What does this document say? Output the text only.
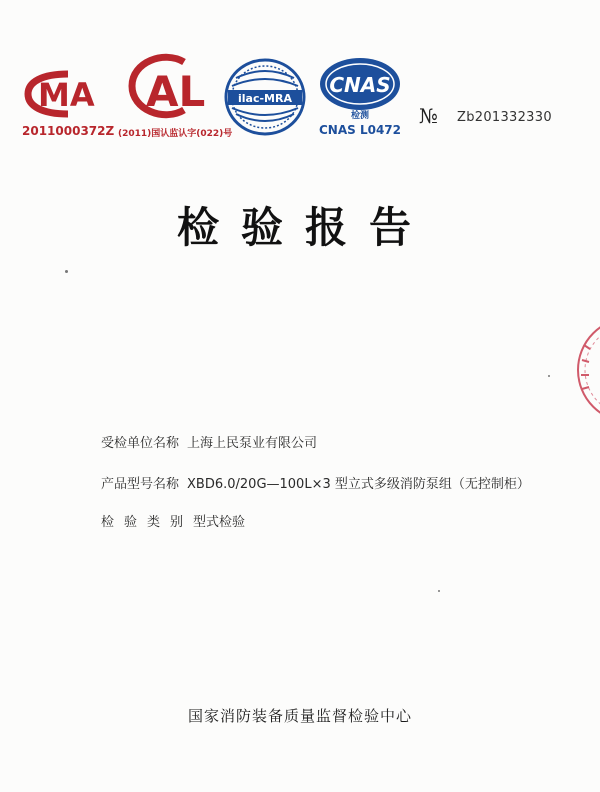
MA
2011000372Z
AL
(2011)国认监认字(022)号
ilac-MRA
CNAS
检测
CNAS L0472
№ Zb201332330
检验报告
受检单位名称 上海上民泵业有限公司
产品型号名称 XBD6.0/20G—100L×3 型立式多级消防泵组（无控制柜）
检验类别型式检验
国家消防装备质量监督检验中心
